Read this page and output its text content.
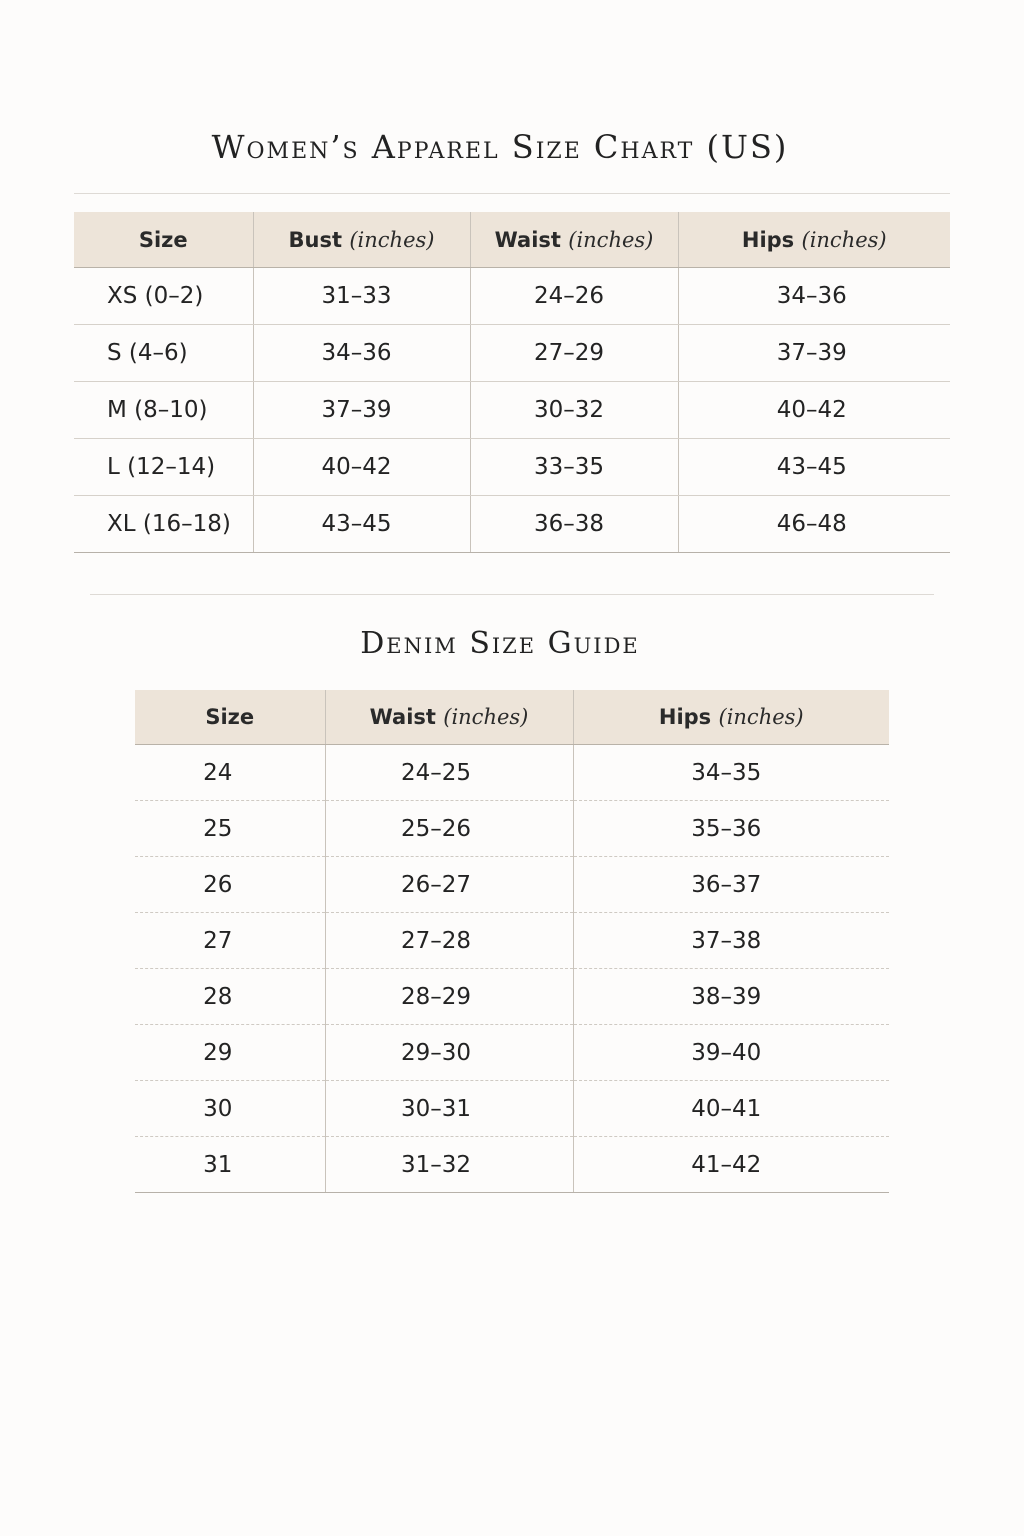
Women’s Apparel Size Chart (US)
Size	Bust (inches)	Waist (inches)	Hips (inches)
XS (0–2)	31–33	24–26	34–36
S (4–6)	34–36	27–29	37–39
M (8–10)	37–39	30–32	40–42
L (12–14)	40–42	33–35	43–45
XL (16–18)	43–45	36–38	46–48
Denim Size Guide
Size	Waist (inches)	Hips (inches)
24	24–25	34–35
25	25–26	35–36
26	26–27	36–37
27	27–28	37–38
28	28–29	38–39
29	29–30	39–40
30	30–31	40–41
31	31–32	41–42
